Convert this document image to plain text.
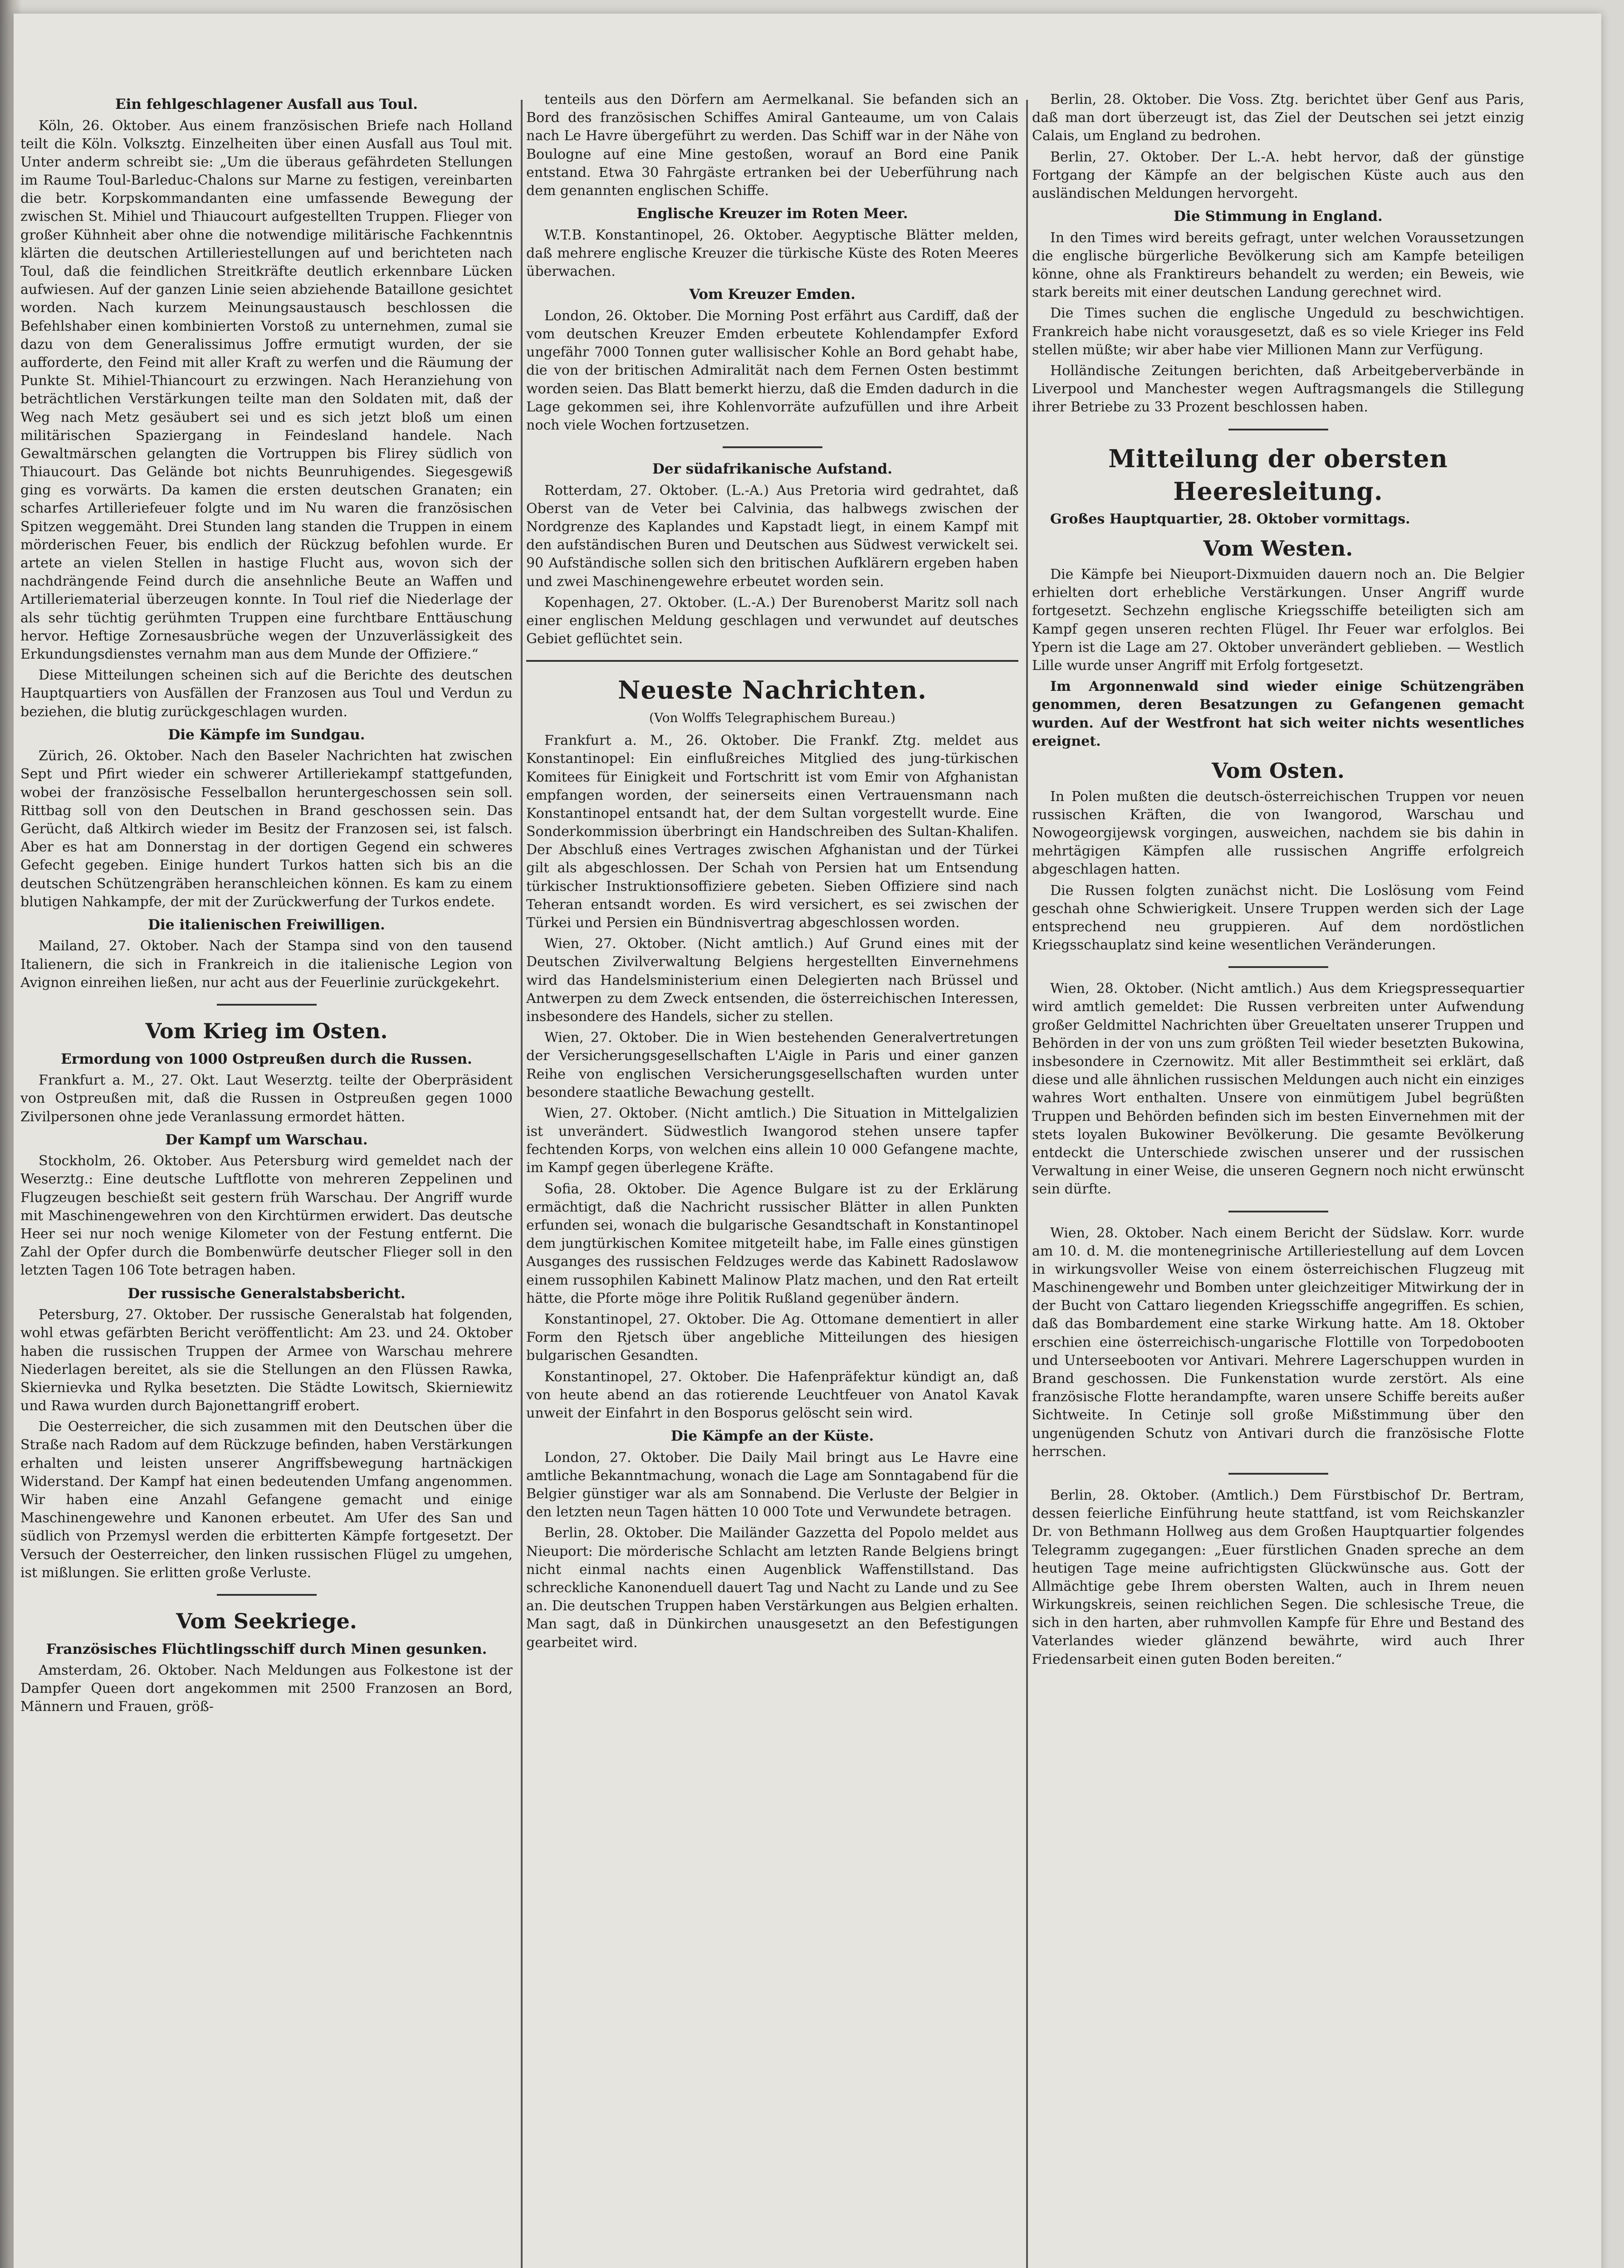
Ein fehlgeschlagener Ausfall aus Toul.

Köln, 26. Oktober. Aus einem französischen Briefe nach Holland teilt die Köln. Volksztg. Einzelheiten über einen Ausfall aus Toul mit. Unter anderm schreibt sie: „Um die überaus gefährdeten Stellungen im Raume Toul-Barleduc-Chalons sur Marne zu festigen, vereinbarten die betr. Korpskommandanten eine umfassende Bewegung der zwischen St. Mihiel und Thiaucourt aufgestellten Truppen. Flieger von großer Kühnheit aber ohne die notwendige militärische Fachkenntnis klärten die deutschen Artilleriestellungen auf und berichteten nach Toul, daß die feindlichen Streitkräfte deutlich erkennbare Lücken aufwiesen. Auf der ganzen Linie seien abziehende Bataillone gesichtet worden. Nach kurzem Meinungsaustausch beschlossen die Befehlshaber einen kombinierten Vorstoß zu unternehmen, zumal sie dazu von dem Generalissimus Joffre ermutigt wurden, der sie aufforderte, den Feind mit aller Kraft zu werfen und die Räumung der Punkte St. Mihiel-Thiancourt zu erzwingen. Nach Heranziehung von beträchtlichen Verstärkungen teilte man den Soldaten mit, daß der Weg nach Metz gesäubert sei und es sich jetzt bloß um einen militärischen Spaziergang in Feindesland handele. Nach Gewaltmärschen gelangten die Vortruppen bis Flirey südlich von Thiaucourt. Das Gelände bot nichts Beunruhigendes. Siegesgewiß ging es vorwärts. Da kamen die ersten deutschen Granaten; ein scharfes Artilleriefeuer folgte und im Nu waren die französischen Spitzen weggemäht. Drei Stunden lang standen die Truppen in einem mörderischen Feuer, bis endlich der Rückzug befohlen wurde. Er artete an vielen Stellen in hastige Flucht aus, wovon sich der nachdrängende Feind durch die ansehnliche Beute an Waffen und Artilleriematerial überzeugen konnte. In Toul rief die Niederlage der als sehr tüchtig gerühmten Truppen eine furchtbare Enttäuschung hervor. Heftige Zornesausbrüche wegen der Unzuverlässigkeit des Erkundungsdienstes vernahm man aus dem Munde der Offiziere.“

Diese Mitteilungen scheinen sich auf die Berichte des deutschen Hauptquartiers von Ausfällen der Franzosen aus Toul und Verdun zu beziehen, die blutig zurückgeschlagen wurden.

Die Kämpfe im Sundgau.

Zürich, 26. Oktober. Nach den Baseler Nachrichten hat zwischen Sept und Pfirt wieder ein schwerer Artilleriekampf stattgefunden, wobei der französische Fesselballon heruntergeschossen sein soll. Rittbag soll von den Deutschen in Brand geschossen sein. Das Gerücht, daß Altkirch wieder im Besitz der Franzosen sei, ist falsch. Aber es hat am Donnerstag in der dortigen Gegend ein schweres Gefecht gegeben. Einige hundert Turkos hatten sich bis an die deutschen Schützengräben heranschleichen können. Es kam zu einem blutigen Nahkampfe, der mit der Zurückwerfung der Turkos endete.

Die italienischen Freiwilligen.

Mailand, 27. Oktober. Nach der Stampa sind von den tausend Italienern, die sich in Frankreich in die italienische Legion von Avignon einreihen ließen, nur acht aus der Feuerlinie zurückgekehrt.

Vom Krieg im Osten.
Ermordung von 1000 Ostpreußen durch die Russen.

Frankfurt a. M., 27. Okt. Laut Weserztg. teilte der Oberpräsident von Ostpreußen mit, daß die Russen in Ostpreußen gegen 1000 Zivilpersonen ohne jede Veranlassung ermordet hätten.

Der Kampf um Warschau.

Stockholm, 26. Oktober. Aus Petersburg wird gemeldet nach der Weserztg.: Eine deutsche Luftflotte von mehreren Zeppelinen und Flugzeugen beschießt seit gestern früh Warschau. Der Angriff wurde mit Maschinengewehren von den Kirchtürmen erwidert. Das deutsche Heer sei nur noch wenige Kilometer von der Festung entfernt. Die Zahl der Opfer durch die Bombenwürfe deutscher Flieger soll in den letzten Tagen 106 Tote betragen haben.

Der russische Generalstabsbericht.

Petersburg, 27. Oktober. Der russische Generalstab hat folgenden, wohl etwas gefärbten Bericht veröffentlicht: Am 23. und 24. Oktober haben die russischen Truppen der Armee von Warschau mehrere Niederlagen bereitet, als sie die Stellungen an den Flüssen Rawka, Skiernievka und Rylka besetzten. Die Städte Lowitsch, Skierniewitz und Rawa wurden durch Bajonettangriff erobert.

Die Oesterreicher, die sich zusammen mit den Deutschen über die Straße nach Radom auf dem Rückzuge befinden, haben Verstärkungen erhalten und leisten unserer Angriffsbewegung hartnäckigen Widerstand. Der Kampf hat einen bedeutenden Umfang angenommen. Wir haben eine Anzahl Gefangene gemacht und einige Maschinengewehre und Kanonen erbeutet. Am Ufer des San und südlich von Przemysl werden die erbitterten Kämpfe fortgesetzt. Der Versuch der Oesterreicher, den linken russischen Flügel zu umgehen, ist mißlungen. Sie erlitten große Verluste.

Vom Seekriege.
Französisches Flüchtlingsschiff durch Minen gesunken.

Amsterdam, 26. Oktober. Nach Meldungen aus Folkestone ist der Dampfer Queen dort angekommen mit 2500 Franzosen an Bord, Männern und Frauen, größ-

tenteils aus den Dörfern am Aermelkanal. Sie befanden sich an Bord des französischen Schiffes Amiral Ganteaume, um von Calais nach Le Havre übergeführt zu werden. Das Schiff war in der Nähe von Boulogne auf eine Mine gestoßen, worauf an Bord eine Panik entstand. Etwa 30 Fahrgäste ertranken bei der Ueberführung nach dem genannten englischen Schiffe.

Englische Kreuzer im Roten Meer.

W.T.B. Konstantinopel, 26. Oktober. Aegyptische Blätter melden, daß mehrere englische Kreuzer die türkische Küste des Roten Meeres überwachen.

Vom Kreuzer Emden.

London, 26. Oktober. Die Morning Post erfährt aus Cardiff, daß der vom deutschen Kreuzer Emden erbeutete Kohlendampfer Exford ungefähr 7000 Tonnen guter wallisischer Kohle an Bord gehabt habe, die von der britischen Admiralität nach dem Fernen Osten bestimmt worden seien. Das Blatt bemerkt hierzu, daß die Emden dadurch in die Lage gekommen sei, ihre Kohlenvorräte aufzufüllen und ihre Arbeit noch viele Wochen fortzusetzen.

Der südafrikanische Aufstand.

Rotterdam, 27. Oktober. (L.-A.) Aus Pretoria wird gedrahtet, daß Oberst van de Veter bei Calvinia, das halbwegs zwischen der Nordgrenze des Kaplandes und Kapstadt liegt, in einem Kampf mit den aufständischen Buren und Deutschen aus Südwest verwickelt sei. 90 Aufständische sollen sich den britischen Aufklärern ergeben haben und zwei Maschinengewehre erbeutet worden sein.

Kopenhagen, 27. Oktober. (L.-A.) Der Burenoberst Maritz soll nach einer englischen Meldung geschlagen und verwundet auf deutsches Gebiet geflüchtet sein.

Neueste Nachrichten.
(Von Wolffs Telegraphischem Bureau.)

Frankfurt a. M., 26. Oktober. Die Frankf. Ztg. meldet aus Konstantinopel: Ein einflußreiches Mitglied des jung-türkischen Komitees für Einigkeit und Fortschritt ist vom Emir von Afghanistan empfangen worden, der seinerseits einen Vertrauensmann nach Konstantinopel entsandt hat, der dem Sultan vorgestellt wurde. Eine Sonderkommission überbringt ein Handschreiben des Sultan-Khalifen. Der Abschluß eines Vertrages zwischen Afghanistan und der Türkei gilt als abgeschlossen. Der Schah von Persien hat um Entsendung türkischer Instruktionsoffiziere gebeten. Sieben Offiziere sind nach Teheran entsandt worden. Es wird versichert, es sei zwischen der Türkei und Persien ein Bündnisvertrag abgeschlossen worden.

Wien, 27. Oktober. (Nicht amtlich.) Auf Grund eines mit der Deutschen Zivilverwaltung Belgiens hergestellten Einvernehmens wird das Handelsministerium einen Delegierten nach Brüssel und Antwerpen zu dem Zweck entsenden, die österreichischen Interessen, insbesondere des Handels, sicher zu stellen.

Wien, 27. Oktober. Die in Wien bestehenden Generalvertretungen der Versicherungsgesellschaften L'Aigle in Paris und einer ganzen Reihe von englischen Versicherungsgesellschaften wurden unter besondere staatliche Bewachung gestellt.

Wien, 27. Oktober. (Nicht amtlich.) Die Situation in Mittelgalizien ist unverändert. Südwestlich Iwangorod stehen unsere tapfer fechtenden Korps, von welchen eins allein 10 000 Gefangene machte, im Kampf gegen überlegene Kräfte.

Sofia, 28. Oktober. Die Agence Bulgare ist zu der Erklärung ermächtigt, daß die Nachricht russischer Blätter in allen Punkten erfunden sei, wonach die bulgarische Gesandtschaft in Konstantinopel dem jungtürkischen Komitee mitgeteilt habe, im Falle eines günstigen Ausganges des russischen Feldzuges werde das Kabinett Radoslawow einem russophilen Kabinett Malinow Platz machen, und den Rat erteilt hätte, die Pforte möge ihre Politik Rußland gegenüber ändern.

Konstantinopel, 27. Oktober. Die Ag. Ottomane dementiert in aller Form den Rjetsch über angebliche Mitteilungen des hiesigen bulgarischen Gesandten.

Konstantinopel, 27. Oktober. Die Hafenpräfektur kündigt an, daß von heute abend an das rotierende Leuchtfeuer von Anatol Kavak unweit der Einfahrt in den Bosporus gelöscht sein wird.

Die Kämpfe an der Küste.

London, 27. Oktober. Die Daily Mail bringt aus Le Havre eine amtliche Bekanntmachung, wonach die Lage am Sonntagabend für die Belgier günstiger war als am Sonnabend. Die Verluste der Belgier in den letzten neun Tagen hätten 10 000 Tote und Verwundete betragen.

Berlin, 28. Oktober. Die Mailänder Gazzetta del Popolo meldet aus Nieuport: Die mörderische Schlacht am letzten Rande Belgiens bringt nicht einmal nachts einen Augenblick Waffenstillstand. Das schreckliche Kanonenduell dauert Tag und Nacht zu Lande und zu See an. Die deutschen Truppen haben Verstärkungen aus Belgien erhalten. Man sagt, daß in Dünkirchen unausgesetzt an den Befestigungen gearbeitet wird.

Berlin, 28. Oktober. Die Voss. Ztg. berichtet über Genf aus Paris, daß man dort überzeugt ist, das Ziel der Deutschen sei jetzt einzig Calais, um England zu bedrohen.

Berlin, 27. Oktober. Der L.-A. hebt hervor, daß der günstige Fortgang der Kämpfe an der belgischen Küste auch aus den ausländischen Meldungen hervorgeht.

Die Stimmung in England.

In den Times wird bereits gefragt, unter welchen Voraussetzungen die englische bürgerliche Bevölkerung sich am Kampfe beteiligen könne, ohne als Franktireurs behandelt zu werden; ein Beweis, wie stark bereits mit einer deutschen Landung gerechnet wird.

Die Times suchen die englische Ungeduld zu beschwichtigen. Frankreich habe nicht vorausgesetzt, daß es so viele Krieger ins Feld stellen müßte; wir aber habe vier Millionen Mann zur Verfügung.

Holländische Zeitungen berichten, daß Arbeitgeberverbände in Liverpool und Manchester wegen Auftragsmangels die Stillegung ihrer Betriebe zu 33 Prozent beschlossen haben.

Mitteilung der obersten Heeresleitung.

Großes Hauptquartier, 28. Oktober vormittags.

Vom Westen.

Die Kämpfe bei Nieuport-Dixmuiden dauern noch an. Die Belgier erhielten dort erhebliche Verstärkungen. Unser Angriff wurde fortgesetzt. Sechzehn englische Kriegsschiffe beteiligten sich am Kampf gegen unseren rechten Flügel. Ihr Feuer war erfolglos. Bei Ypern ist die Lage am 27. Oktober unverändert geblieben. — Westlich Lille wurde unser Angriff mit Erfolg fortgesetzt.

Im Argonnenwald sind wieder einige Schützengräben genommen, deren Besatzungen zu Gefangenen gemacht wurden. Auf der Westfront hat sich weiter nichts wesentliches ereignet.

Vom Osten.

In Polen mußten die deutsch-österreichischen Truppen vor neuen russischen Kräften, die von Iwangorod, Warschau und Nowogeorgijewsk vorgingen, ausweichen, nachdem sie bis dahin in mehrtägigen Kämpfen alle russischen Angriffe erfolgreich abgeschlagen hatten.

Die Russen folgten zunächst nicht. Die Loslösung vom Feind geschah ohne Schwierigkeit. Unsere Truppen werden sich der Lage entsprechend neu gruppieren. Auf dem nordöstlichen Kriegsschauplatz sind keine wesentlichen Veränderungen.

Wien, 28. Oktober. (Nicht amtlich.) Aus dem Kriegspressequartier wird amtlich gemeldet: Die Russen verbreiten unter Aufwendung großer Geldmittel Nachrichten über Greueltaten unserer Truppen und Behörden in der von uns zum größten Teil wieder besetzten Bukowina, insbesondere in Czernowitz. Mit aller Bestimmtheit sei erklärt, daß diese und alle ähnlichen russischen Meldungen auch nicht ein einziges wahres Wort enthalten. Unsere von einmütigem Jubel begrüßten Truppen und Behörden befinden sich im besten Einvernehmen mit der stets loyalen Bukowiner Bevölkerung. Die gesamte Bevölkerung entdeckt die Unterschiede zwischen unserer und der russischen Verwaltung in einer Weise, die unseren Gegnern noch nicht erwünscht sein dürfte.

Wien, 28. Oktober. Nach einem Bericht der Südslaw. Korr. wurde am 10. d. M. die montenegrinische Artilleriestellung auf dem Lovcen in wirkungsvoller Weise von einem österreichischen Flugzeug mit Maschinengewehr und Bomben unter gleichzeitiger Mitwirkung der in der Bucht von Cattaro liegenden Kriegsschiffe angegriffen. Es schien, daß das Bombardement eine starke Wirkung hatte. Am 18. Oktober erschien eine österreichisch-ungarische Flottille von Torpedobooten und Unterseebooten vor Antivari. Mehrere Lagerschuppen wurden in Brand geschossen. Die Funkenstation wurde zerstört. Als eine französische Flotte herandampfte, waren unsere Schiffe bereits außer Sichtweite. In Cetinje soll große Mißstimmung über den ungenügenden Schutz von Antivari durch die französische Flotte herrschen.

Berlin, 28. Oktober. (Amtlich.) Dem Fürstbischof Dr. Bertram, dessen feierliche Einführung heute stattfand, ist vom Reichskanzler Dr. von Bethmann Hollweg aus dem Großen Hauptquartier folgendes Telegramm zugegangen: „Euer fürstlichen Gnaden spreche an dem heutigen Tage meine aufrichtigsten Glückwünsche aus. Gott der Allmächtige gebe Ihrem obersten Walten, auch in Ihrem neuen Wirkungskreis, seinen reichlichen Segen. Die schlesische Treue, die sich in den harten, aber ruhmvollen Kampfe für Ehre und Bestand des Vaterlandes wieder glänzend bewährte, wird auch Ihrer Friedensarbeit einen guten Boden bereiten.“
